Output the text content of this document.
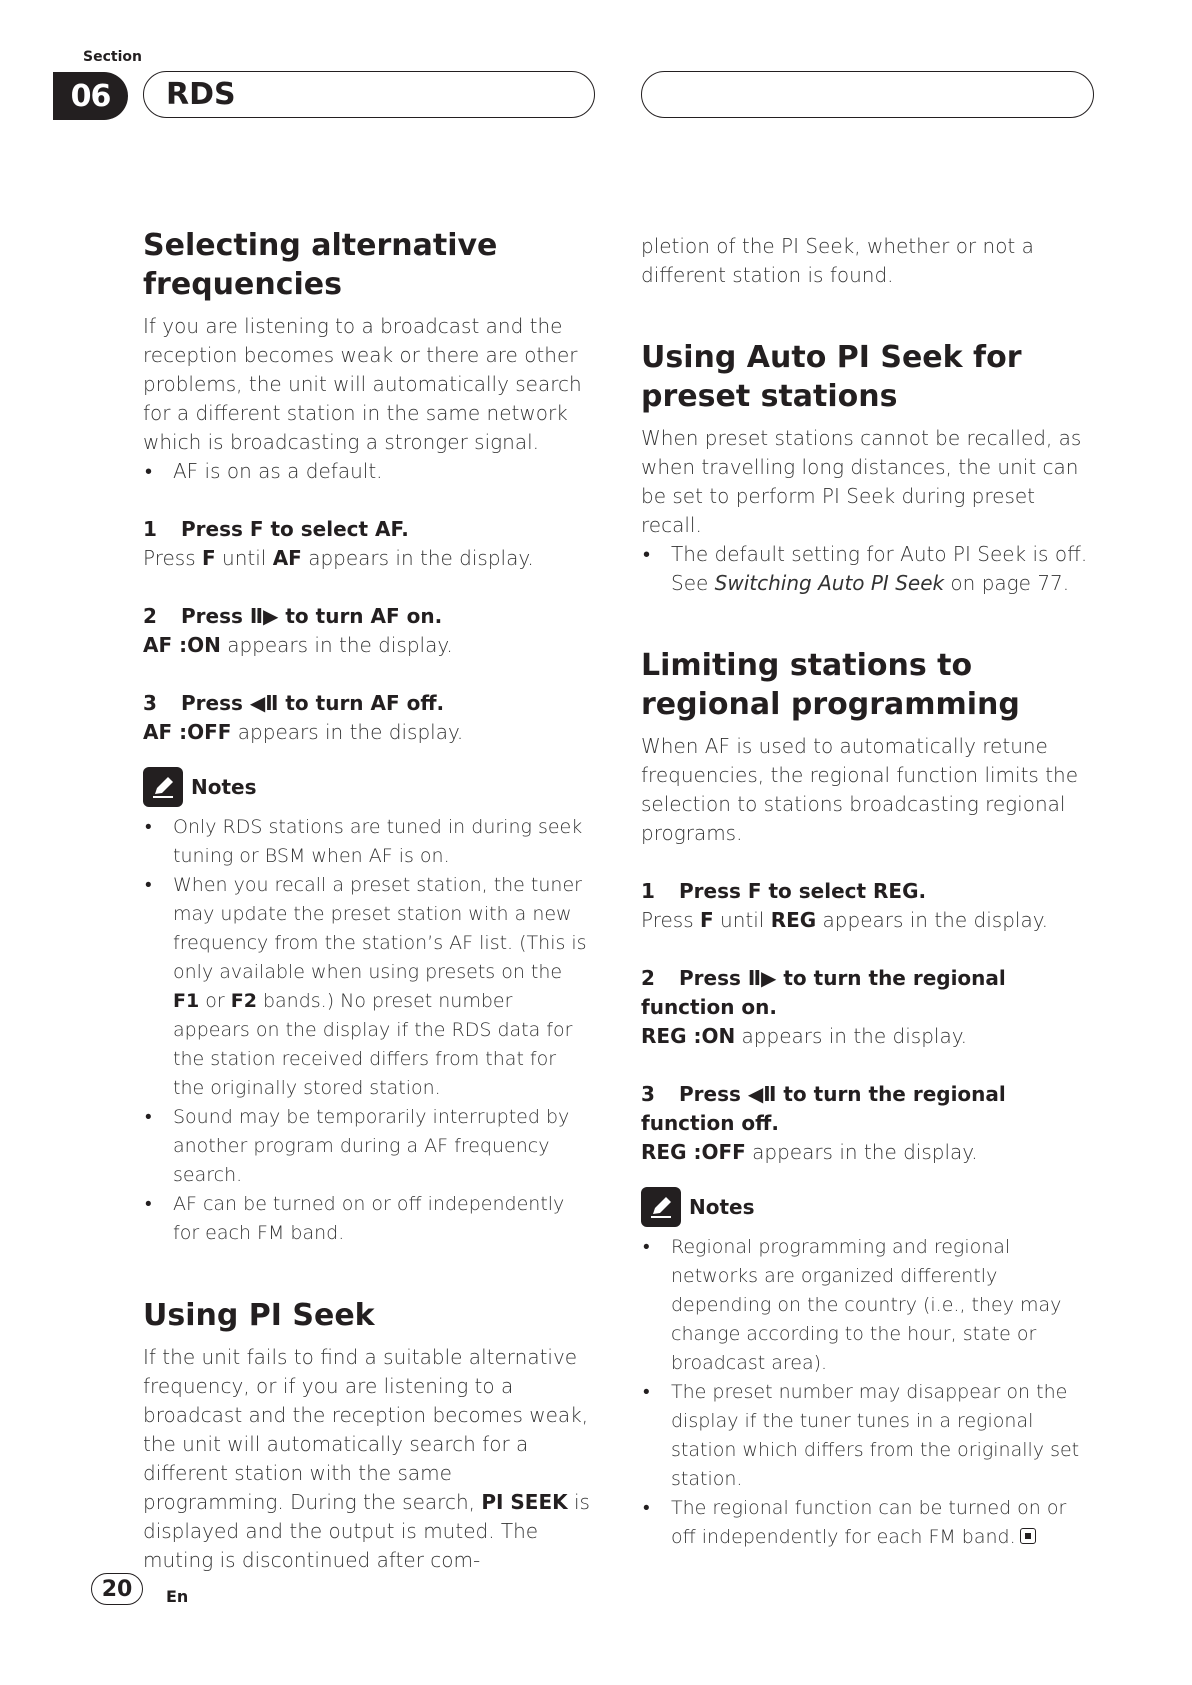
Section
06	RDS
Selecting alternative frequencies

If you are listening to a broadcast and the reception becomes weak or there are other problems, the unit will automatically search for a different station in the same network which is broadcasting a stronger signal.

• AF is on as a default.
1 Press F to select AF.

Press F until AF appears in the display.

2 Press Ⅱ▶ to turn AF on.

AF :ON appears in the display.

3 Press ◀Ⅱ to turn AF off.

AF :OFF appears in the display.

Notes
• Only RDS stations are tuned in during seek tuning or BSM when AF is on.
• When you recall a preset station, the tuner may update the preset station with a new frequency from the station’s AF list. (This is only available when using presets on the F1 or F2 bands.) No preset number appears on the display if the RDS data for the station received differs from that for the originally stored station.
• Sound may be temporarily interrupted by another program during a AF frequency search.
• AF can be turned on or off independently for each FM band.
Using PI Seek

If the unit fails to find a suitable alternative frequency, or if you are listening to a broadcast and the reception becomes weak, the unit will automatically search for a different station with the same programming. During the search, PI SEEK is displayed and the output is muted. The muting is discontinued after com-

pletion of the PI Seek, whether or not a different station is found.

Using Auto PI Seek for preset stations

When preset stations cannot be recalled, as when travelling long distances, the unit can be set to perform PI Seek during preset recall.

• The default setting for Auto PI Seek is off. See Switching Auto PI Seek on page 77.
Limiting stations to regional programming

When AF is used to automatically retune frequencies, the regional function limits the selection to stations broadcasting regional programs.

1 Press F to select REG.

Press F until REG appears in the display.

2 Press Ⅱ▶ to turn the regional function on.

REG :ON appears in the display.

3 Press ◀Ⅱ to turn the regional function off.

REG :OFF appears in the display.

Notes
• Regional programming and regional networks are organized differently depending on the country (i.e., they may change according to the hour, state or broadcast area).
• The preset number may disappear on the display if the tuner tunes in a regional station which differs from the originally set station.
• The regional function can be turned on or off independently for each FM band.
20	En
